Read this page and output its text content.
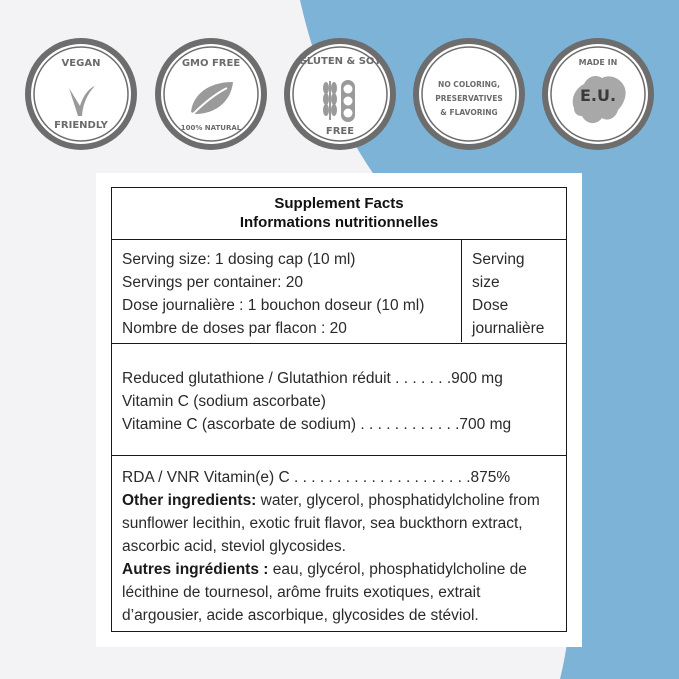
VEGAN
FRIENDLY
GMO FREE
100% NATURAL
GLUTEN & SOY
FREE
NO COLORING,
PRESERVATIVES
& FLAVORING
MADE IN
E.U.
Supplement Facts
Informations nutritionnelles
Serving size: 1 dosing cap (10 ml)
Servings per container: 20
Dose journalière : 1 bouchon doseur (10 ml)
Nombre de doses par flacon : 20
Serving
size
Dose
journalière
Reduced glutathione / Glutathion réduit . . . . . . .900 mg
Vitamin C (sodium ascorbate)
Vitamine C (ascorbate de sodium) . . . . . . . . . . . .700 mg
RDA / VNR Vitamin(e) C . . . . . . . . . . . . . . . . . . . . .875%

Other ingredients: water, glycerol, phosphatidylcholine from sunflower lecithin, exotic fruit flavor, sea buckthorn extract, ascorbic acid, steviol glycosides.

Autres ingrédients : eau, glycérol, phosphatidylcholine de lécithine de tournesol, arôme fruits exotiques, extrait d’argousier, acide ascorbique, glycosides de stéviol.
